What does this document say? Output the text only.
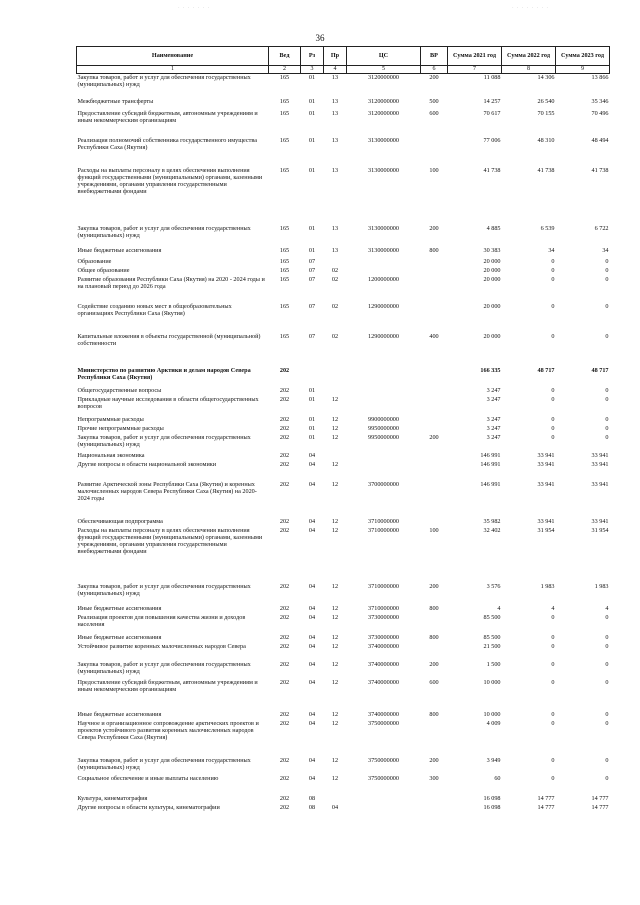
· · · · · · ·	· · · · · · · ·
36
Наименование	Вед	Рз	Пр	ЦС	ВР	Сумма 2021 год	Сумма 2022 год	Сумма 2023 год
1	2	3	4	5	6	7	8	9
Закупка товаров, работ и услуг для обеспечения государственных (муниципальных) нужд	165	01	13	3120000000	200	11 088	14 306	13 866
Межбюджетные трансферты	165	01	13	3120000000	500	14 257	26 540	35 346
Предоставление субсидий бюджетным, автономным учреждениям и иным некоммерческим организациям	165	01	13	3120000000	600	70 617	70 155	70 496
Реализация полномочий собственника государственного имущества Республики Саха (Якутия)	165	01	13	3130000000		77 006	48 310	48 494
Расходы на выплаты персоналу в целях обеспечения выполнения функций государственными (муниципальными) органами, казенными учреждениями, органами управления государственными внебюджетными фондами	165	01	13	3130000000	100	41 738	41 738	41 738
Закупка товаров, работ и услуг для обеспечения государственных (муниципальных) нужд	165	01	13	3130000000	200	4 885	6 539	6 722
Иные бюджетные ассигнования	165	01	13	3130000000	800	30 383	34	34
Образование	165	07				20 000	0	0
Общее образование	165	07	02			20 000	0	0
Развитие образования Республики Саха (Якутия) на 2020 - 2024 годы и на плановый период до 2026 года	165	07	02	1200000000		20 000	0	0
Содействие созданию новых мест в общеобразовательных организациях Республики Саха (Якутия)	165	07	02	1290000000		20 000	0	0
Капитальные вложения в объекты государственной (муниципальной) собственности	165	07	02	1290000000	400	20 000	0	0
Министерство по развитию Арктики и делам народов Севера Республики Саха (Якутия)	202					166 335	48 717	48 717
Общегосударственные вопросы	202	01				3 247	0	0
Прикладные научные исследования в области общегосударственных вопросов	202	01	12			3 247	0	0
Непрограммные расходы	202	01	12	9900000000		3 247	0	0
Прочие непрограммные расходы	202	01	12	9950000000		3 247	0	0
Закупка товаров, работ и услуг для обеспечения государственных (муниципальных) нужд	202	01	12	9950000000	200	3 247	0	0
Национальная экономика	202	04				146 991	33 941	33 941
Другие вопросы в области национальной экономики	202	04	12			146 991	33 941	33 941
Развитие Арктической зоны Республики Саха (Якутия) и коренных малочисленных народов Севера Республики Саха (Якутия) на 2020-2024 годы	202	04	12	3700000000		146 991	33 941	33 941
Обеспечивающая подпрограмма	202	04	12	3710000000		35 982	33 941	33 941
Расходы на выплаты персоналу в целях обеспечения выполнения функций государственными (муниципальными) органами, казенными учреждениями, органами управления государственными внебюджетными фондами	202	04	12	3710000000	100	32 402	31 954	31 954
Закупка товаров, работ и услуг для обеспечения государственных (муниципальных) нужд	202	04	12	3710000000	200	3 576	1 983	1 983
Иные бюджетные ассигнования	202	04	12	3710000000	800	4	4	4
Реализация проектов для повышения качества жизни и доходов населения	202	04	12	3730000000		85 500	0	0
Иные бюджетные ассигнования	202	04	12	3730000000	800	85 500	0	0
Устойчивое развитие коренных малочисленных народов Севера	202	04	12	3740000000		21 500	0	0
Закупка товаров, работ и услуг для обеспечения государственных (муниципальных) нужд	202	04	12	3740000000	200	1 500	0	0
Предоставление субсидий бюджетным, автономным учреждениям и иным некоммерческим организациям	202	04	12	3740000000	600	10 000	0	0
Иные бюджетные ассигнования	202	04	12	3740000000	800	10 000	0	0
Научное и организационное сопровождение арктических проектов и проектов устойчивого развития коренных малочисленных народов Севера Республики Саха (Якутия)	202	04	12	3750000000		4 009	0	0
Закупка товаров, работ и услуг для обеспечения государственных (муниципальных) нужд	202	04	12	3750000000	200	3 949	0	0
Социальное обеспечение и иные выплаты населению	202	04	12	3750000000	300	60	0	0
Культура, кинематография	202	08				16 098	14 777	14 777
Другие вопросы в области культуры, кинематографии	202	08	04			16 098	14 777	14 777
